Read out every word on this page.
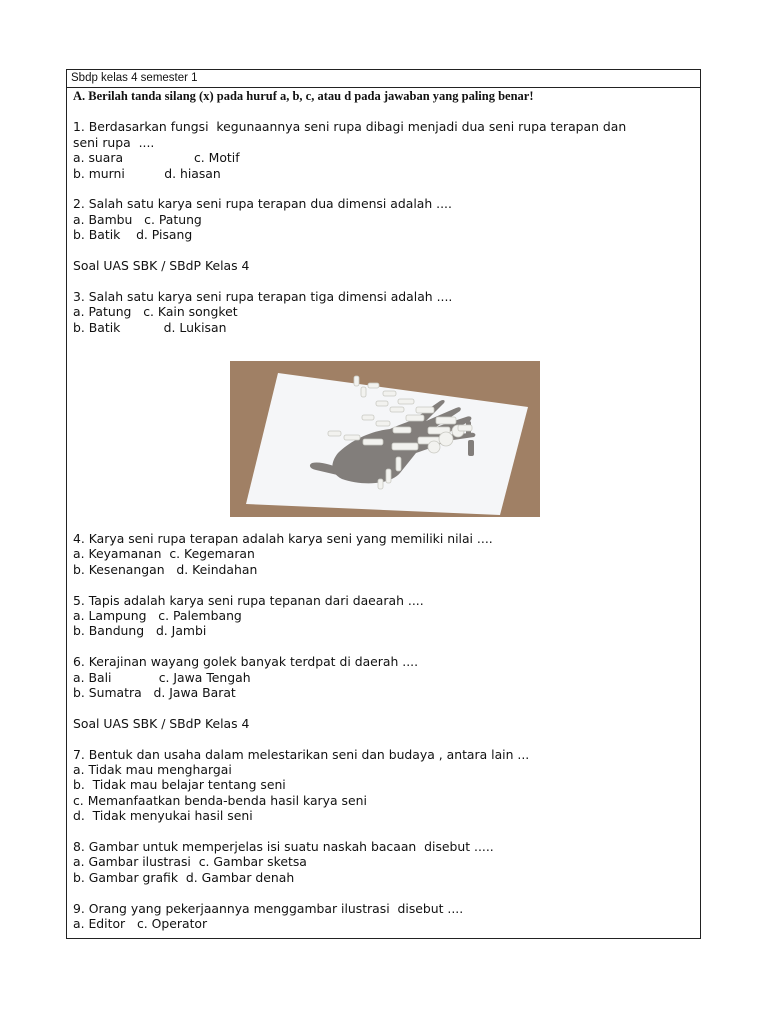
Sbdp kelas 4 semester 1
A. Berilah tanda silang (x) pada huruf a, b, c, atau d pada jawaban yang paling benar!
1. Berdasarkan fungsi  kegunaannya seni rupa dibagi menjadi dua seni rupa terapan dan
seni rupa  ....
a. suara                  c. Motif
b. murni          d. hiasan
2. Salah satu karya seni rupa terapan dua dimensi adalah ....
a. Bambu   c. Patung
b. Batik    d. Pisang
Soal UAS SBK / SBdP Kelas 4
3. Salah satu karya seni rupa terapan tiga dimensi adalah ....
a. Patung   c. Kain songket
b. Batik           d. Lukisan
4. Karya seni rupa terapan adalah karya seni yang memiliki nilai ....
a. Keyamanan  c. Kegemaran
b. Kesenangan   d. Keindahan
5. Tapis adalah karya seni rupa tepanan dari daearah ....
a. Lampung   c. Palembang
b. Bandung   d. Jambi
6. Kerajinan wayang golek banyak terdpat di daerah ....
a. Bali            c. Jawa Tengah
b. Sumatra   d. Jawa Barat
Soal UAS SBK / SBdP Kelas 4
7. Bentuk dan usaha dalam melestarikan seni dan budaya , antara lain ...
a. Tidak mau menghargai
b.  Tidak mau belajar tentang seni
c. Memanfaatkan benda-benda hasil karya seni
d.  Tidak menyukai hasil seni
8. Gambar untuk memperjelas isi suatu naskah bacaan  disebut .....
a. Gambar ilustrasi  c. Gambar sketsa
b. Gambar grafik  d. Gambar denah
9. Orang yang pekerjaannya menggambar ilustrasi  disebut ....
a. Editor   c. Operator
